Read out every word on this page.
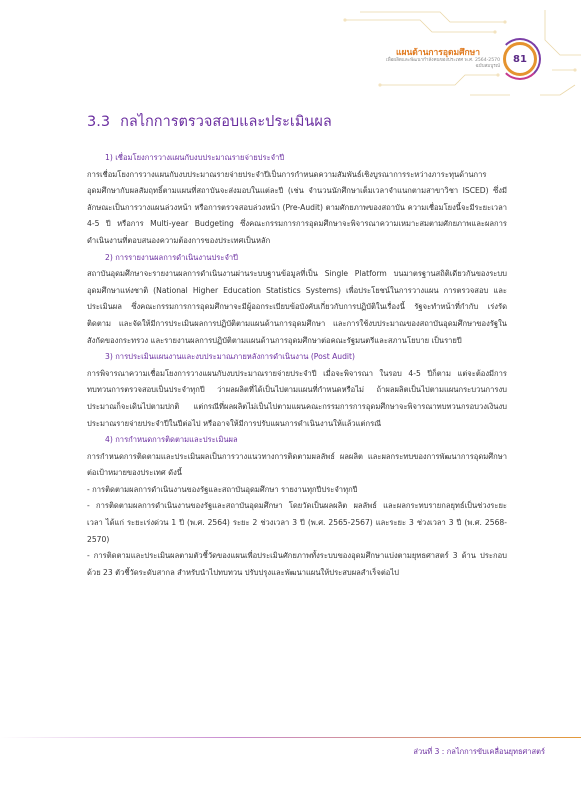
แผนด้านการอุดมศึกษา
เพื่อผลิตและพัฒนากำลังคนของประเทศ พ.ศ. 2564-2570
ฉบับสมบูรณ์
81
3.3 กลไกการตรวจสอบและประเมินผล

1) เชื่อมโยงการวางแผนกับงบประมาณรายจ่ายประจำปี

การเชื่อมโยงการวางแผนกับงบประมาณรายจ่ายประจำปีเป็นการกำหนดความสัมพันธ์เชิงบูรณาการระหว่างภาระทุนด้านการอุดมศึกษากับผลสัมฤทธิ์ตามแผนที่สถาบันจะส่งมอบในแต่ละปี (เช่น จำนวนนักศึกษาเต็มเวลาจำแนกตามสาขาวิชา ISCED) ซึ่งมีลักษณะเป็นการวางแผนล่วงหน้า หรือการตรวจสอบล่วงหน้า (Pre-Audit) ตามศักยภาพของสถาบัน ความเชื่อมโยงนี้จะมีระยะเวลา 4-5 ปี หรือการ Multi-year Budgeting ซึ่งคณะกรรมการการอุดมศึกษาจะพิจารณาความเหมาะสมตามศักยภาพและผลการดำเนินงานที่ตอบสนองความต้องการของประเทศเป็นหลัก

2) การรายงานผลการดำเนินงานประจำปี

สถาบันอุดมศึกษาจะรายงานผลการดำเนินงานผ่านระบบฐานข้อมูลที่เป็น Single Platform บนมาตรฐานสถิติเดียวกันของระบบอุดมศึกษาแห่งชาติ (National Higher Education Statistics Systems) เพื่อประโยชน์ในการวางแผน การตรวจสอบ และประเมินผล ซึ่งคณะกรรมการการอุดมศึกษาจะมีผู้ออกระเบียบข้อบังคับเกี่ยวกับการปฏิบัติในเรื่องนี้ รัฐจะทำหน้าที่กำกับ เร่งรัด ติดตาม และจัดให้มีการประเมินผลการปฏิบัติตามแผนด้านการอุดมศึกษา และการใช้งบประมาณของสถาบันอุดมศึกษาของรัฐในสังกัดของกระทรวง และรายงานผลการปฏิบัติตามแผนด้านการอุดมศึกษาต่อคณะรัฐมนตรีและสภานโยบาย เป็นรายปี

3) การประเมินแผนงานและงบประมาณภายหลังการดำเนินงาน (Post Audit)

การพิจารณาความเชื่อมโยงการวางแผนกับงบประมาณรายจ่ายประจำปี เมื่อจะพิจารณา ในรอบ 4-5 ปีก็ตาม แต่จะต้องมีการทบทวนการตรวจสอบเป็นประจำทุกปี ว่าผลผลิตที่ได้เป็นไปตามแผนที่กำหนดหรือไม่ ถ้าผลผลิตเป็นไปตามแผนกระบวนการงบประมาณก็จะเดินไปตามปกติ แต่กรณีที่ผลผลิตไม่เป็นไปตามแผนคณะกรรมการการอุดมศึกษาจะพิจารณาทบทวนกรอบวงเงินงบประมาณรายจ่ายประจำปีในปีต่อไป หรืออาจให้มีการปรับแผนการดำเนินงานให้แล้วแต่กรณี

4) การกำหนดการติดตามและประเมินผล

การกำหนดการติดตามและประเมินผลเป็นการวางแนวทางการติดตามผลลัพธ์ ผลผลิต และผลกระทบของการพัฒนาการอุดมศึกษาต่อเป้าหมายของประเทศ ดังนี้

- การติดตามผลการดำเนินงานของรัฐและสถาบันอุดมศึกษา รายงานทุกปีประจำทุกปี

- การติดตามผลการดำเนินงานของรัฐและสถาบันอุดมศึกษา โดยวัดเป็นผลผลิต ผลลัพธ์ และผลกระทบรายกลยุทธ์เป็นช่วงระยะเวลา ได้แก่ ระยะเร่งด่วน 1 ปี (พ.ศ. 2564) ระยะ 2 ช่วงเวลา 3 ปี (พ.ศ. 2565-2567) และระยะ 3 ช่วงเวลา 3 ปี (พ.ศ. 2568-2570)

- การติดตามและประเมินผลตามตัวชี้วัดของแผนเพื่อประเมินศักยภาพทั้งระบบของอุดมศึกษาแบ่งตามยุทธศาสตร์ 3 ด้าน ประกอบด้วย 23 ตัวชี้วัดระดับสากล สำหรับนำไปทบทวน ปรับปรุงและพัฒนาแผนให้ประสบผลสำเร็จต่อไป

ส่วนที่ 3 : กลไกการขับเคลื่อนยุทธศาสตร์
